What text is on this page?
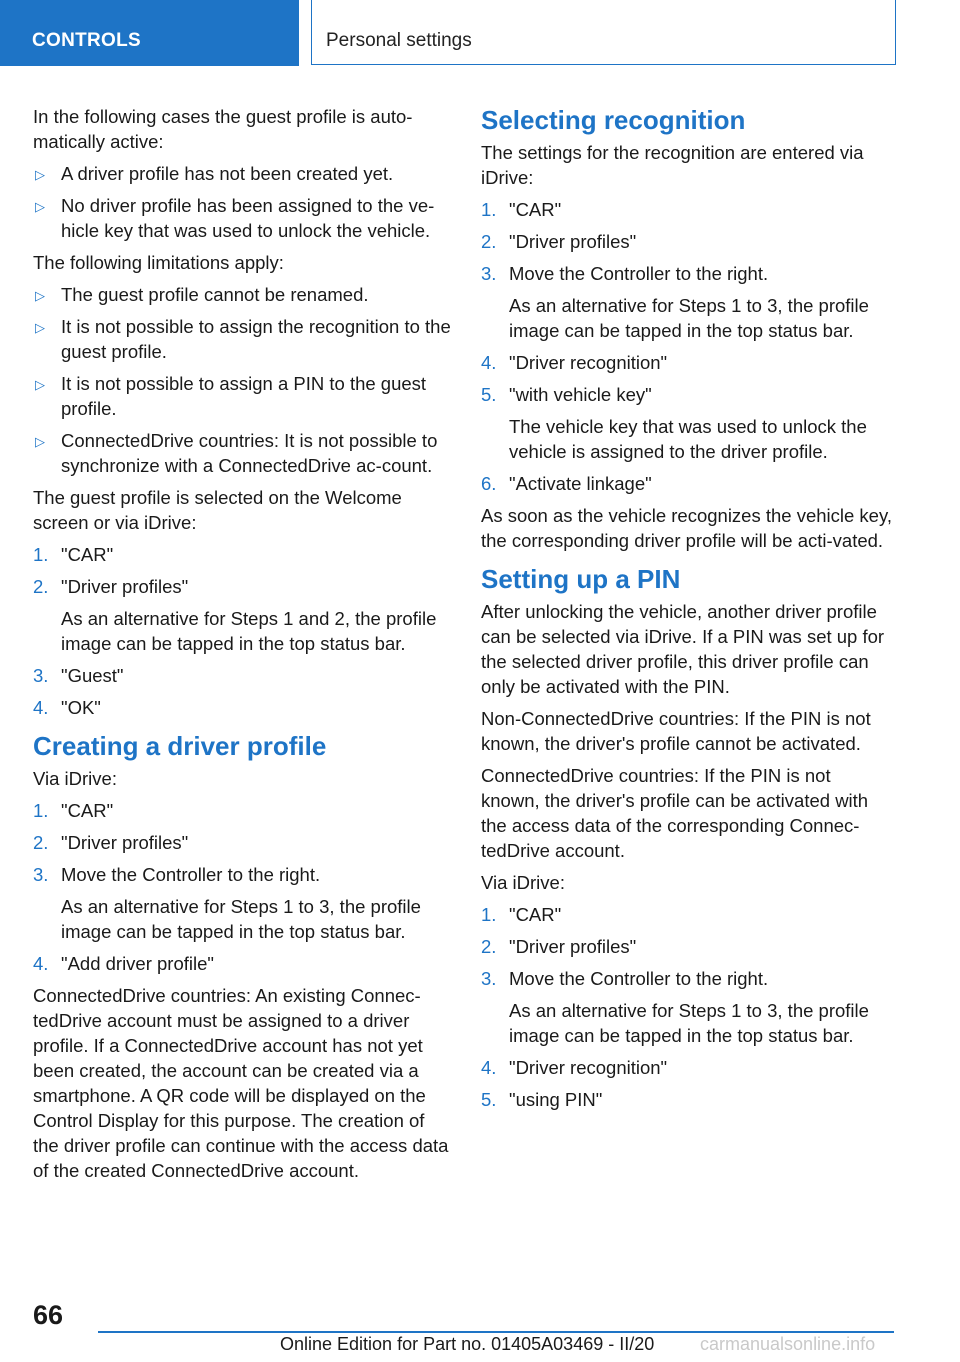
CONTROLS	Personal settings

In the following cases the guest profile is auto-matically active:

▷ A driver profile has not been created yet.
▷ No driver profile has been assigned to the ve-hicle key that was used to unlock the vehicle.

The following limitations apply:

▷ The guest profile cannot be renamed.
▷ It is not possible to assign the recognition to the guest profile.
▷ It is not possible to assign a PIN to the guest profile.
▷ ConnectedDrive countries: It is not possible to synchronize with a ConnectedDrive ac-count.

The guest profile is selected on the Welcome screen or via iDrive:

1. "CAR"
2. "Driver profiles"
As an alternative for Steps 1 and 2, the profile image can be tapped in the top status bar.
3. "Guest"
4. "OK"
Creating a driver profile

Via iDrive:

1. "CAR"
2. "Driver profiles"
3. Move the Controller to the right.
As an alternative for Steps 1 to 3, the profile image can be tapped in the top status bar.
4. "Add driver profile"

ConnectedDrive countries: An existing Connec-tedDrive account must be assigned to a driver profile. If a ConnectedDrive account has not yet been created, the account can be created via a smartphone. A QR code will be displayed on the Control Display for this purpose. The creation of the driver profile can continue with the access data of the created ConnectedDrive account.

Selecting recognition

The settings for the recognition are entered via iDrive:

1. "CAR"
2. "Driver profiles"
3. Move the Controller to the right.
As an alternative for Steps 1 to 3, the profile image can be tapped in the top status bar.
4. "Driver recognition"
5. "with vehicle key"
The vehicle key that was used to unlock the vehicle is assigned to the driver profile.
6. "Activate linkage"

As soon as the vehicle recognizes the vehicle key, the corresponding driver profile will be acti-vated.

Setting up a PIN

After unlocking the vehicle, another driver profile can be selected via iDrive. If a PIN was set up for the selected driver profile, this driver profile can only be activated with the PIN.

Non-ConnectedDrive countries: If the PIN is not known, the driver's profile cannot be activated.

ConnectedDrive countries: If the PIN is not known, the driver's profile can be activated with the access data of the corresponding Connec-tedDrive account.

Via iDrive:

1. "CAR"
2. "Driver profiles"
3. Move the Controller to the right.
As an alternative for Steps 1 to 3, the profile image can be tapped in the top status bar.
4. "Driver recognition"
5. "using PIN"
66
Online Edition for Part no. 01405A03469 - II/20	carmanualsonline.info
